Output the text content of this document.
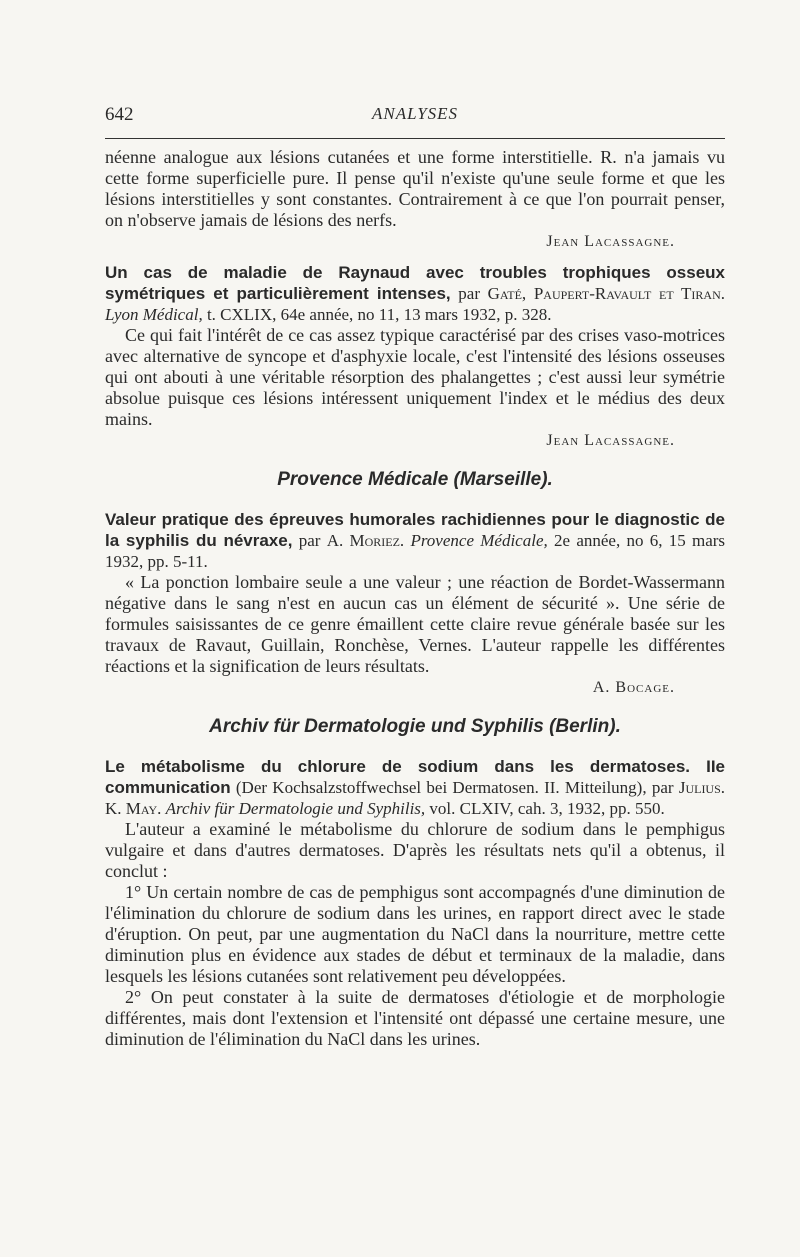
642	ANALYSES

néenne analogue aux lésions cutanées et une forme interstitielle. R. n'a jamais vu cette forme superficielle pure. Il pense qu'il n'existe qu'une seule forme et que les lésions interstitielles y sont constantes. Contrairement à ce que l'on pourrait penser, on n'observe jamais de lésions des nerfs.

Jean Lacassagne.

Un cas de maladie de Raynaud avec troubles trophiques osseux symétriques et particulièrement intenses, par Gaté, Paupert-Ravault et Tiran. Lyon Médical, t. CXLIX, 64e année, no 11, 13 mars 1932, p. 328.

Ce qui fait l'intérêt de ce cas assez typique caractérisé par des crises vaso-motrices avec alternative de syncope et d'asphyxie locale, c'est l'intensité des lésions osseuses qui ont abouti à une véritable résorption des phalangettes ; c'est aussi leur symétrie absolue puisque ces lésions intéressent uniquement l'index et le médius des deux mains.

Jean Lacassagne.

Provence Médicale (Marseille).

Valeur pratique des épreuves humorales rachidiennes pour le diagnostic de la syphilis du névraxe, par A. Moriez. Provence Médicale, 2e année, no 6, 15 mars 1932, pp. 5-11.

« La ponction lombaire seule a une valeur ; une réaction de Bordet-Wassermann négative dans le sang n'est en aucun cas un élément de sécurité ». Une série de formules saisissantes de ce genre émaillent cette claire revue générale basée sur les travaux de Ravaut, Guillain, Ronchèse, Vernes. L'auteur rappelle les différentes réactions et la signification de leurs résultats.

A. Bocage.

Archiv für Dermatologie und Syphilis (Berlin).

Le métabolisme du chlorure de sodium dans les dermatoses. IIe communication (Der Kochsalzstoffwechsel bei Dermatosen. II. Mitteilung), par Julius. K. May. Archiv für Dermatologie und Syphilis, vol. CLXIV, cah. 3, 1932, pp. 550.

L'auteur a examiné le métabolisme du chlorure de sodium dans le pemphigus vulgaire et dans d'autres dermatoses. D'après les résultats nets qu'il a obtenus, il conclut :

1° Un certain nombre de cas de pemphigus sont accompagnés d'une diminution de l'élimination du chlorure de sodium dans les urines, en rapport direct avec le stade d'éruption. On peut, par une augmentation du NaCl dans la nourriture, mettre cette diminution plus en évidence aux stades de début et terminaux de la maladie, dans lesquels les lésions cutanées sont relativement peu développées.

2° On peut constater à la suite de dermatoses d'étiologie et de morphologie différentes, mais dont l'extension et l'intensité ont dépassé une certaine mesure, une diminution de l'élimination du NaCl dans les urines.
